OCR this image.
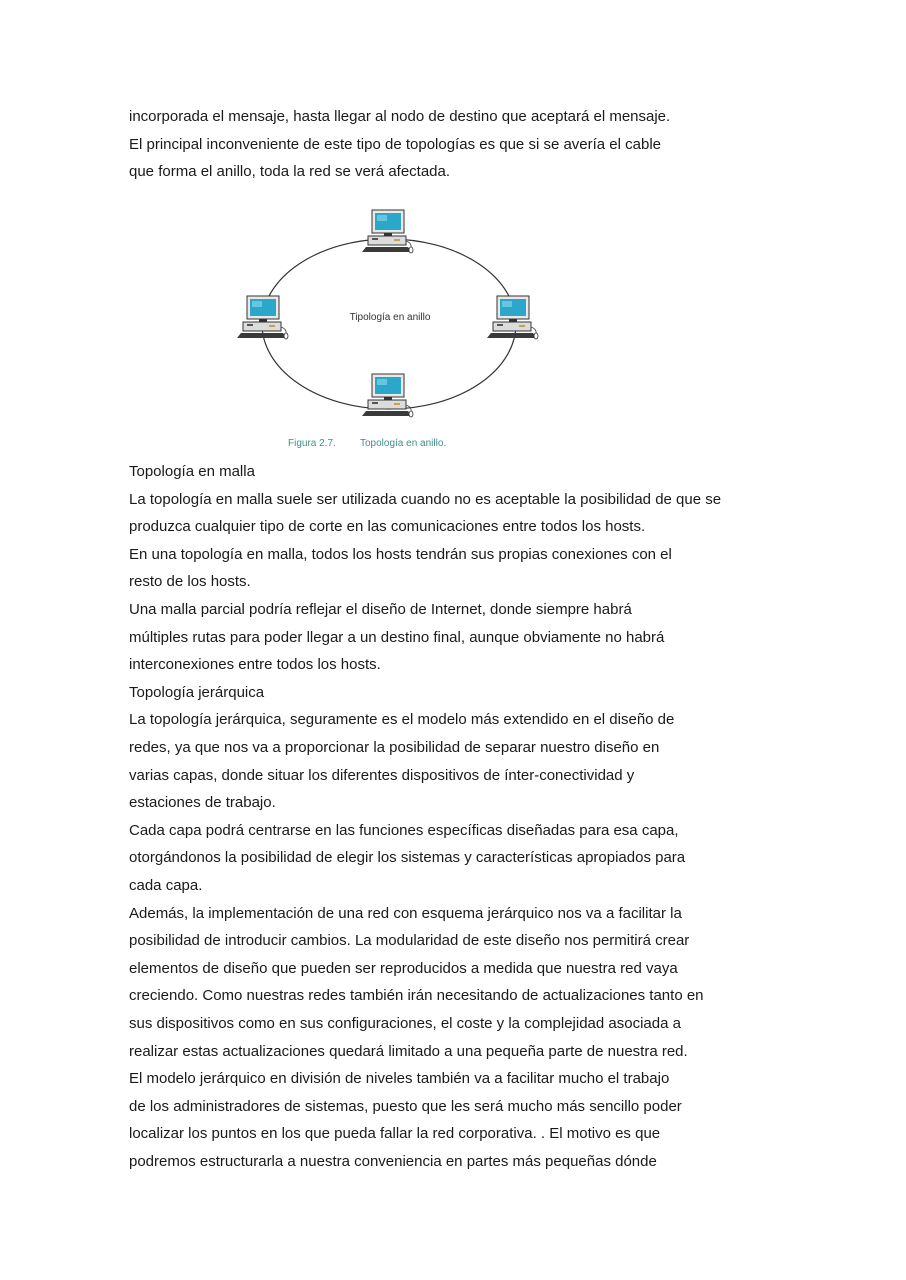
incorporada el mensaje, hasta llegar al nodo de destino que aceptará el mensaje.

El principal inconveniente de este tipo de topologías es que si se avería el cable

que forma el anillo, toda la red se verá afectada.

Tipología en anillo
Figura 2.7. Topología en anillo.

Topología en malla

La topología en malla suele ser utilizada cuando no es aceptable la posibilidad de que se

produzca cualquier tipo de corte en las comunicaciones entre todos los hosts.

En una topología en malla, todos los hosts tendrán sus propias conexiones con el

resto de los hosts.

Una malla parcial podría reflejar el diseño de Internet, donde siempre habrá

múltiples rutas para poder llegar a un destino final, aunque obviamente no habrá

interconexiones entre todos los hosts.

Topología jerárquica

La topología jerárquica, seguramente es el modelo más extendido en el diseño de

redes, ya que nos va a proporcionar la posibilidad de separar nuestro diseño en

varias capas, donde situar los diferentes dispositivos de ínter-conectividad y

estaciones de trabajo.

Cada capa podrá centrarse en las funciones específicas diseñadas para esa capa,

otorgándonos la posibilidad de elegir los sistemas y características apropiados para

cada capa.

Además, la implementación de una red con esquema jerárquico nos va a facilitar la

posibilidad de introducir cambios. La modularidad de este diseño nos permitirá crear

elementos de diseño que pueden ser reproducidos a medida que nuestra red vaya

creciendo. Como nuestras redes también irán necesitando de actualizaciones tanto en

sus dispositivos como en sus configuraciones, el coste y la complejidad asociada a

realizar estas actualizaciones quedará limitado a una pequeña parte de nuestra red.

El modelo jerárquico en división de niveles también va a facilitar mucho el trabajo

de los administradores de sistemas, puesto que les será mucho más sencillo poder

localizar los puntos en los que pueda fallar la red corporativa. . El motivo es que

podremos estructurarla a nuestra conveniencia en partes más pequeñas dónde
